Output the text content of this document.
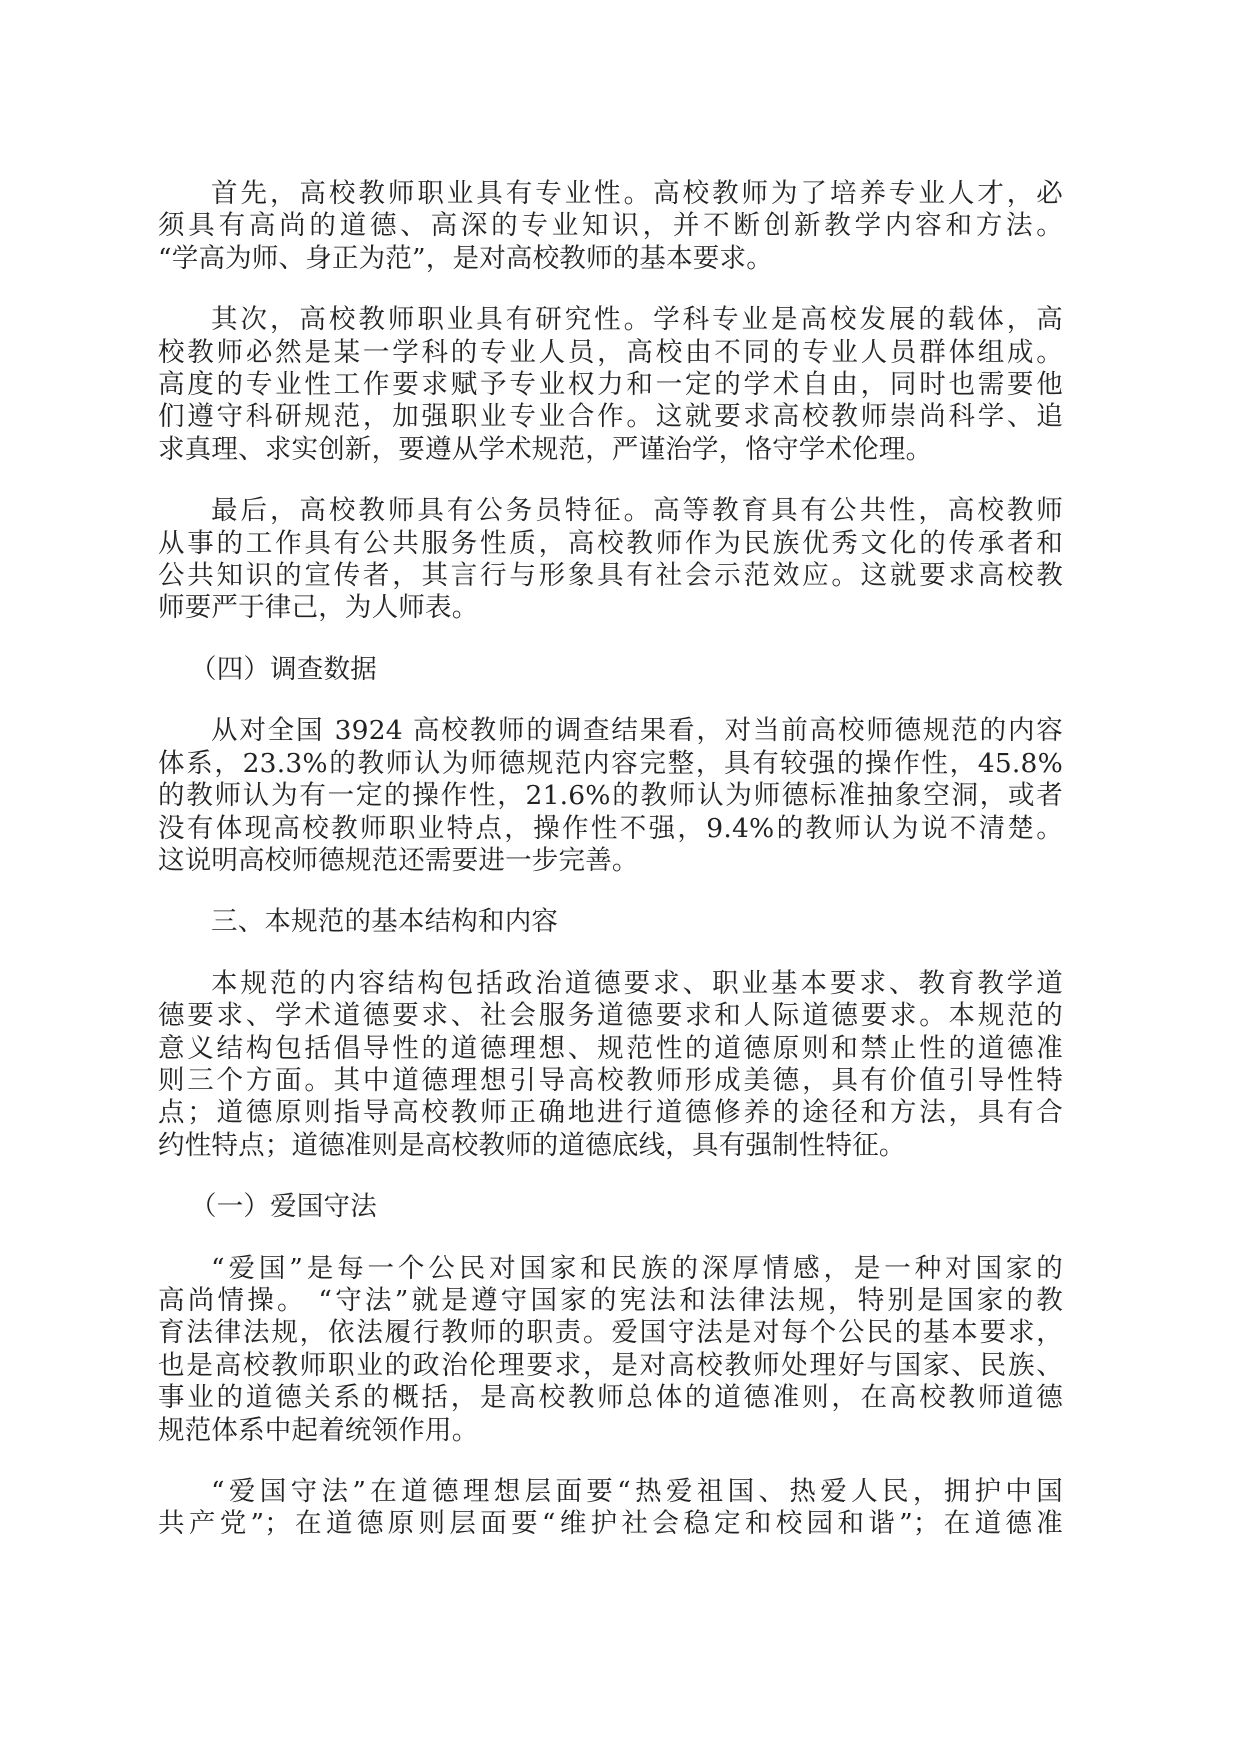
首先，高校教师职业具有专业性。高校教师为了培养专业人才，必
须具有高尚的道德、高深的专业知识，并不断创新教学内容和方法。
“学高为师、身正为范”，是对高校教师的基本要求。
其次，高校教师职业具有研究性。学科专业是高校发展的载体，高
校教师必然是某一学科的专业人员，高校由不同的专业人员群体组成。
高度的专业性工作要求赋予专业权力和一定的学术自由，同时也需要他
们遵守科研规范，加强职业专业合作。这就要求高校教师崇尚科学、追
求真理、求实创新，要遵从学术规范，严谨治学，恪守学术伦理。
最后，高校教师具有公务员特征。高等教育具有公共性，高校教师
从事的工作具有公共服务性质，高校教师作为民族优秀文化的传承者和
公共知识的宣传者，其言行与形象具有社会示范效应。这就要求高校教
师要严于律己，为人师表。
（四）调查数据
从对全国 3924 高校教师的调查结果看，对当前高校师德规范的内容
体系，23.3%的教师认为师德规范内容完整，具有较强的操作性，45.8%
的教师认为有一定的操作性，21.6%的教师认为师德标准抽象空洞，或者
没有体现高校教师职业特点，操作性不强，9.4%的教师认为说不清楚。
这说明高校师德规范还需要进一步完善。
三、本规范的基本结构和内容
本规范的内容结构包括政治道德要求、职业基本要求、教育教学道
德要求、学术道德要求、社会服务道德要求和人际道德要求。本规范的
意义结构包括倡导性的道德理想、规范性的道德原则和禁止性的道德准
则三个方面。其中道德理想引导高校教师形成美德，具有价值引导性特
点；道德原则指导高校教师正确地进行道德修养的途径和方法，具有合
约性特点；道德准则是高校教师的道德底线，具有强制性特征。
（一）爱国守法
“爱国”是每一个公民对国家和民族的深厚情感，是一种对国家的
高尚情操。 “守法”就是遵守国家的宪法和法律法规，特别是国家的教
育法律法规，依法履行教师的职责。爱国守法是对每个公民的基本要求，
也是高校教师职业的政治伦理要求，是对高校教师处理好与国家、民族、
事业的道德关系的概括，是高校教师总体的道德准则，在高校教师道德
规范体系中起着统领作用。
“爱国守法”在道德理想层面要“热爱祖国、热爱人民，拥护中国
共产党”；在道德原则层面要“维护社会稳定和校园和谐”；在道德准
